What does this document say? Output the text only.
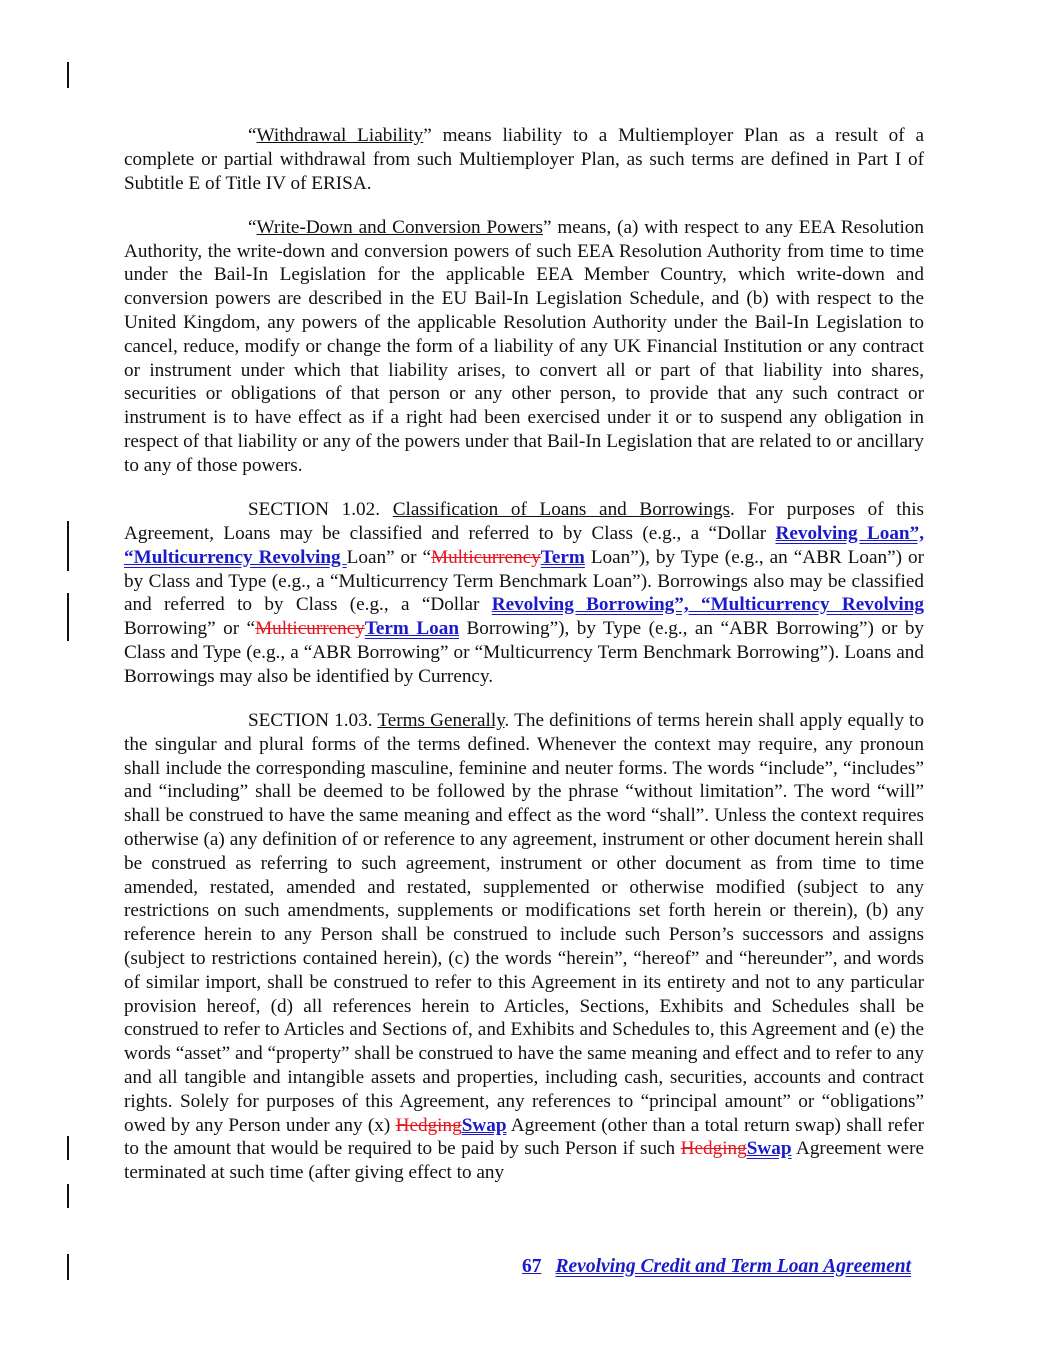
“Withdrawal Liability” means liability to a Multiemployer Plan as a result of a complete or partial withdrawal from such Multiemployer Plan, as such terms are defined in Part I of Subtitle E of Title IV of ERISA.

“Write-Down and Conversion Powers” means, (a) with respect to any EEA Resolution Authority, the write-down and conversion powers of such EEA Resolution Authority from time to time under the Bail-In Legislation for the applicable EEA Member Country, which write-down and conversion powers are described in the EU Bail-In Legislation Schedule, and (b) with respect to the United Kingdom, any powers of the applicable Resolution Authority under the Bail-In Legislation to cancel, reduce, modify or change the form of a liability of any UK Financial Institution or any contract or instrument under which that liability arises, to convert all or part of that liability into shares, securities or obligations of that person or any other person, to provide that any such contract or instrument is to have effect as if a right had been exercised under it or to suspend any obligation in respect of that liability or any of the powers under that Bail-In Legislation that are related to or ancillary to any of those powers.

SECTION 1.02. Classification of Loans and Borrowings. For purposes of this Agreement, Loans may be classified and referred to by Class (e.g., a “Dollar Revolving Loan”, “Multicurrency Revolving Loan” or “MulticurrencyTerm Loan”), by Type (e.g., an “ABR Loan”) or by Class and Type (e.g., a “Multicurrency Term Benchmark Loan”). Borrowings also may be classified and referred to by Class (e.g., a “Dollar Revolving Borrowing”, “Multicurrency Revolving Borrowing” or “MulticurrencyTerm Loan Borrowing”), by Type (e.g., an “ABR Borrowing”) or by Class and Type (e.g., a “ABR Borrowing” or “Multicurrency Term Benchmark Borrowing”). Loans and Borrowings may also be identified by Currency.

SECTION 1.03. Terms Generally. The definitions of terms herein shall apply equally to the singular and plural forms of the terms defined. Whenever the context may require, any pronoun shall include the corresponding masculine, feminine and neuter forms. The words “include”, “includes” and “including” shall be deemed to be followed by the phrase “without limitation”. The word “will” shall be construed to have the same meaning and effect as the word “shall”. Unless the context requires otherwise (a) any definition of or reference to any agreement, instrument or other document herein shall be construed as referring to such agreement, instrument or other document as from time to time amended, restated, amended and restated, supplemented or otherwise modified (subject to any restrictions on such amendments, supplements or modifications set forth herein or therein), (b) any reference herein to any Person shall be construed to include such Person’s successors and assigns (subject to restrictions contained herein), (c) the words “herein”, “hereof” and “hereunder”, and words of similar import, shall be construed to refer to this Agreement in its entirety and not to any particular provision hereof, (d) all references herein to Articles, Sections, Exhibits and Schedules shall be construed to refer to Articles and Sections of, and Exhibits and Schedules to, this Agreement and (e) the words “asset” and “property” shall be construed to have the same meaning and effect and to refer to any and all tangible and intangible assets and properties, including cash, securities, accounts and contract rights. Solely for purposes of this Agreement, any references to “principal amount” or “obligations” owed by any Person under any (x) HedgingSwap Agreement (other than a total return swap) shall refer to the amount that would be required to be paid by such Person if such HedgingSwap Agreement were terminated at such time (after giving effect to any

67 Revolving Credit and Term Loan Agreement
